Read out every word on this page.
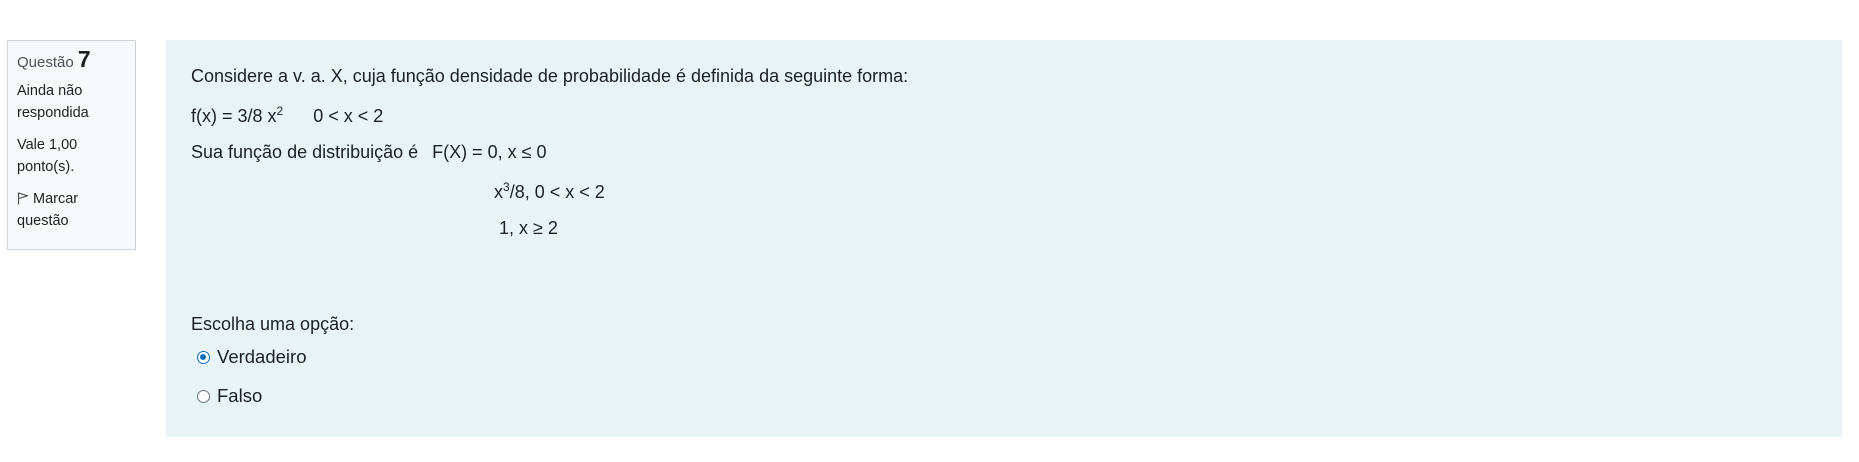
Questão 7
Ainda não
respondida
Vale 1,00
ponto(s).
Marcar
questão
Considere a v. a. X, cuja função densidade de probabilidade é definida da seguinte forma:
f(x) = 3/8 $x^2$ 0 < x < 2
Sua função de distribuição é F(X) = 0, x ≤ 0
$x^3/8$, 0 < x < 2
1, x ≥ 2
Escolha uma opção:
Verdadeiro
Falso
